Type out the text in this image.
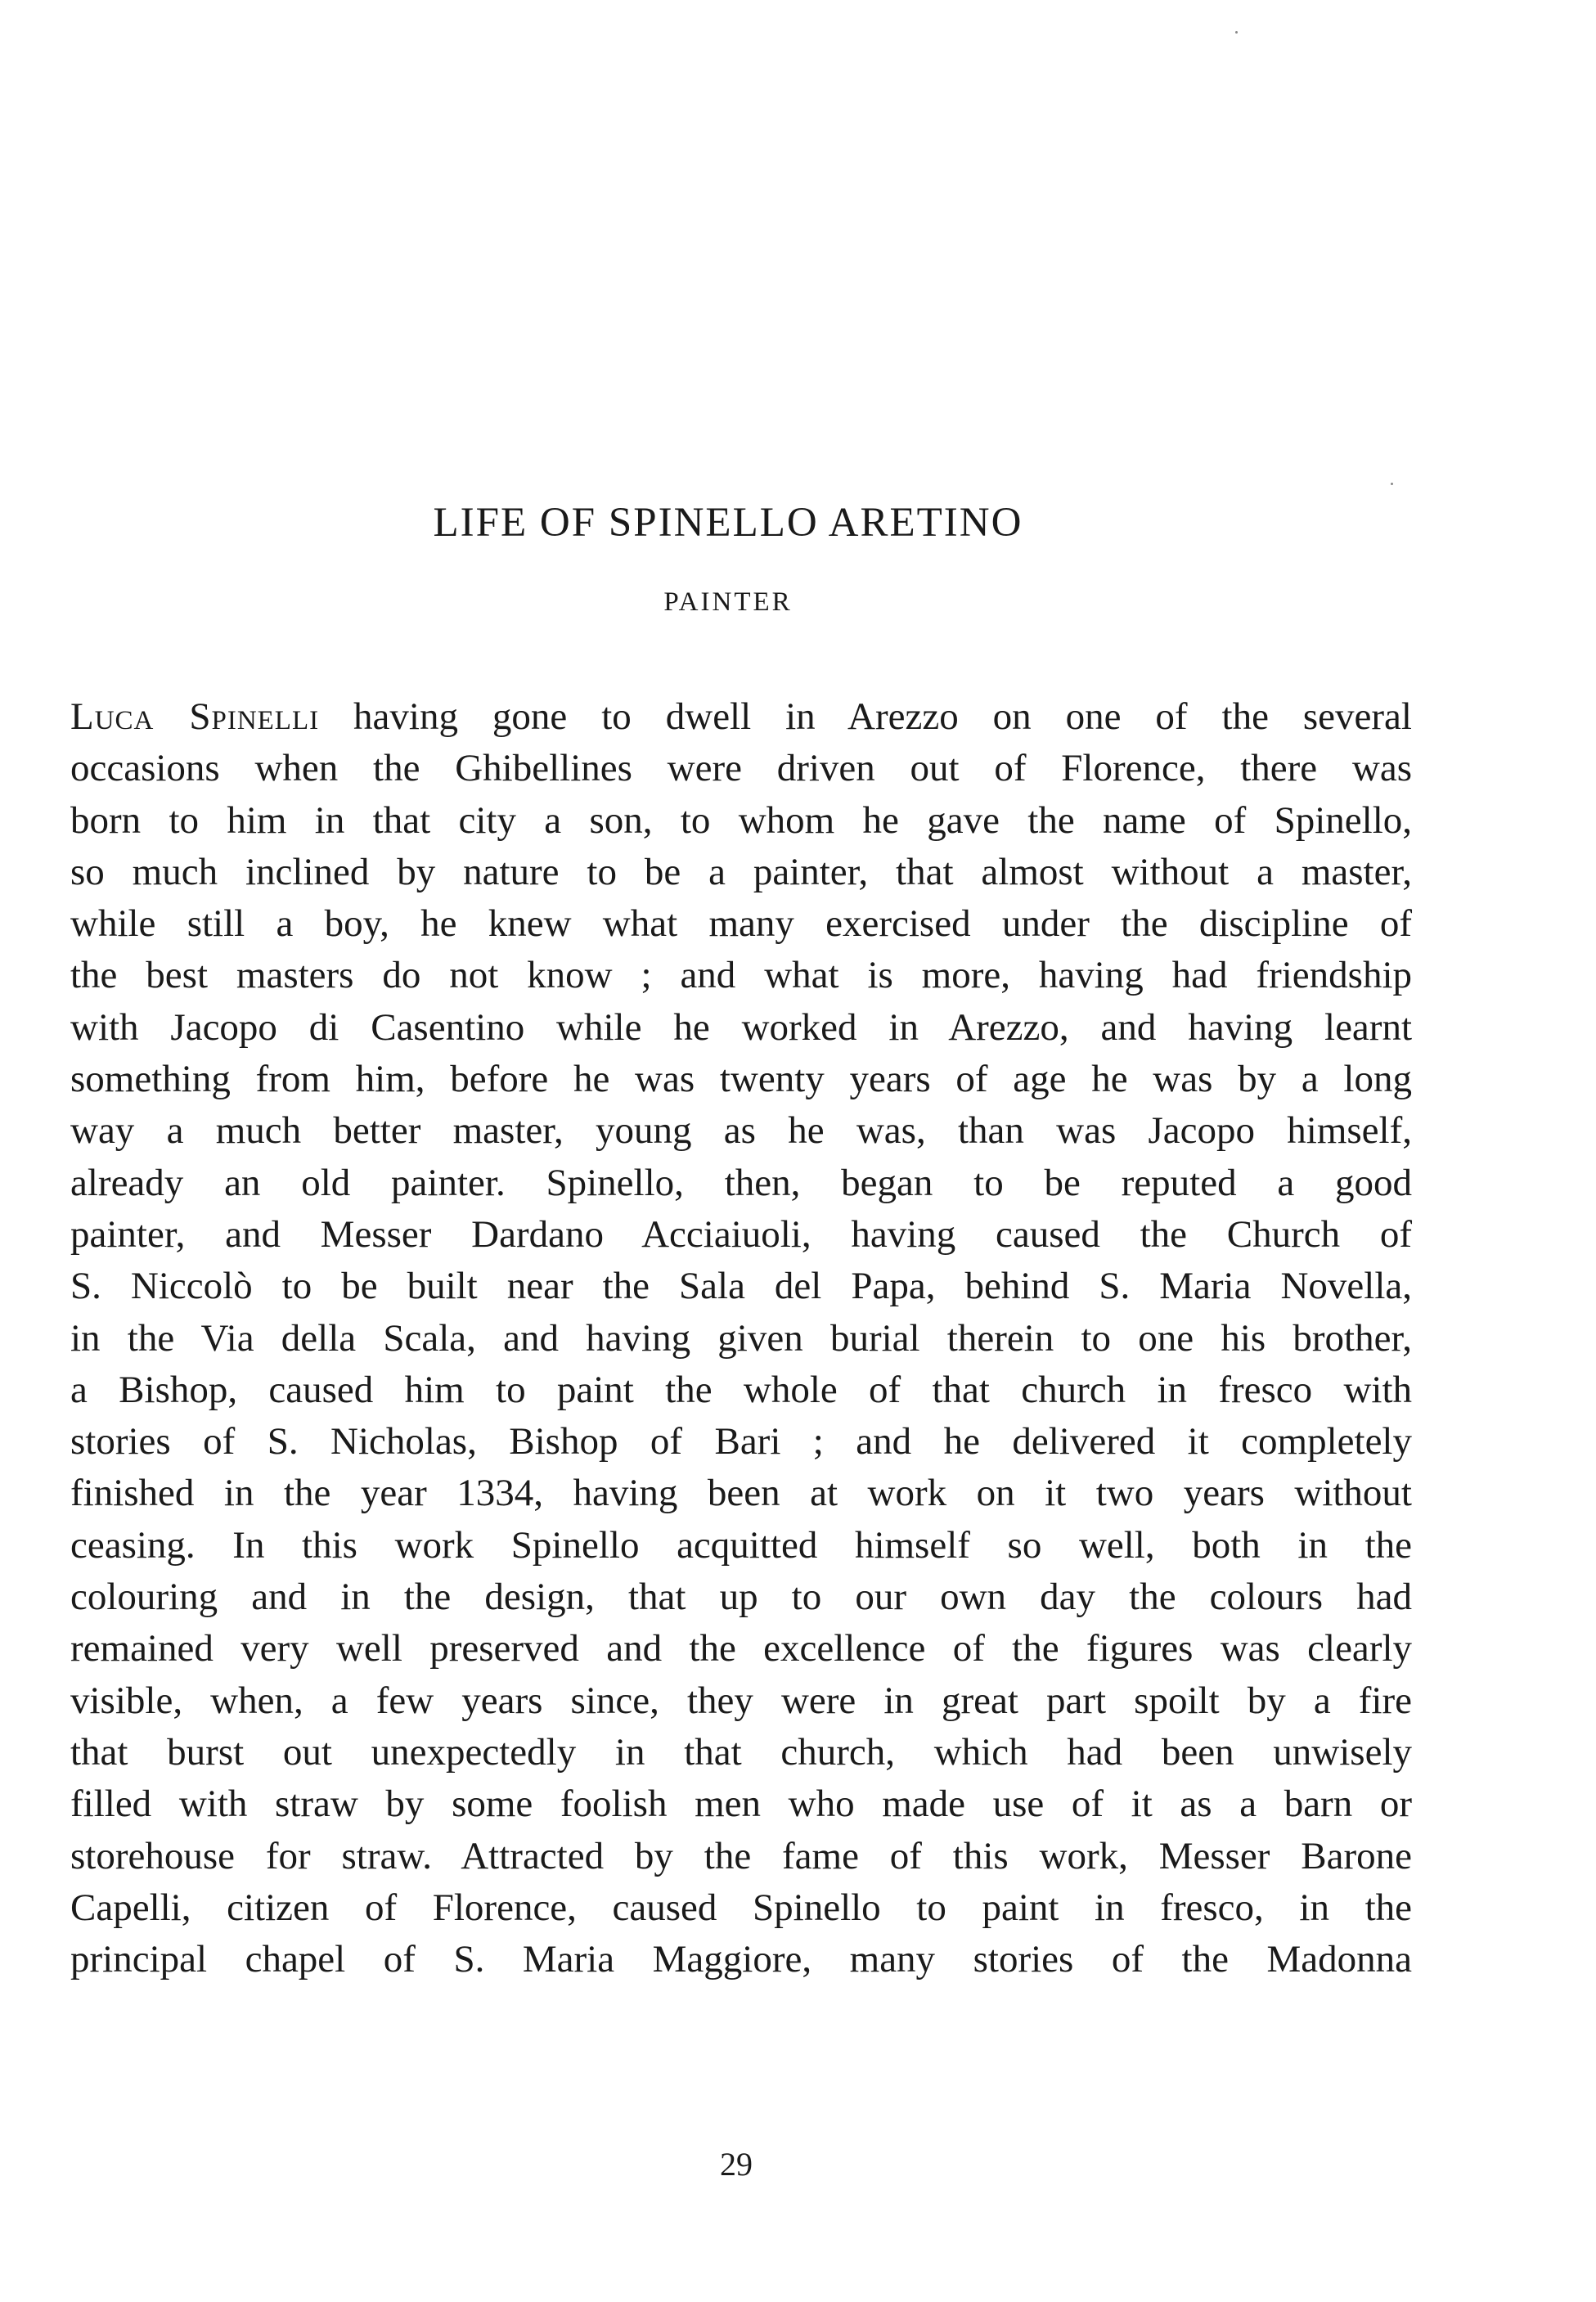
LIFE OF SPINELLO ARETINO
PAINTER
Luca Spinelli having gone to dwell in Arezzo on one of the several
occasions when the Ghibellines were driven out of Florence, there was
born to him in that city a son, to whom he gave the name of Spinello,
so much inclined by nature to be a painter, that almost without a master,
while still a boy, he knew what many exercised under the discipline of
the best masters do not know ; and what is more, having had friendship
with Jacopo di Casentino while he worked in Arezzo, and having learnt
something from him, before he was twenty years of age he was by a long
way a much better master, young as he was, than was Jacopo himself,
already an old painter. Spinello, then, began to be reputed a good
painter, and Messer Dardano Acciaiuoli, having caused the Church of
S. Niccolò to be built near the Sala del Papa, behind S. Maria Novella,
in the Via della Scala, and having given burial therein to one his brother,
a Bishop, caused him to paint the whole of that church in fresco with
stories of S. Nicholas, Bishop of Bari ; and he delivered it completely
finished in the year 1334, having been at work on it two years without
ceasing. In this work Spinello acquitted himself so well, both in the
colouring and in the design, that up to our own day the colours had
remained very well preserved and the excellence of the figures was clearly
visible, when, a few years since, they were in great part spoilt by a fire
that burst out unexpectedly in that church, which had been unwisely
filled with straw by some foolish men who made use of it as a barn or
storehouse for straw. Attracted by the fame of this work, Messer Barone
Capelli, citizen of Florence, caused Spinello to paint in fresco, in the
principal chapel of S. Maria Maggiore, many stories of the Madonna
29
